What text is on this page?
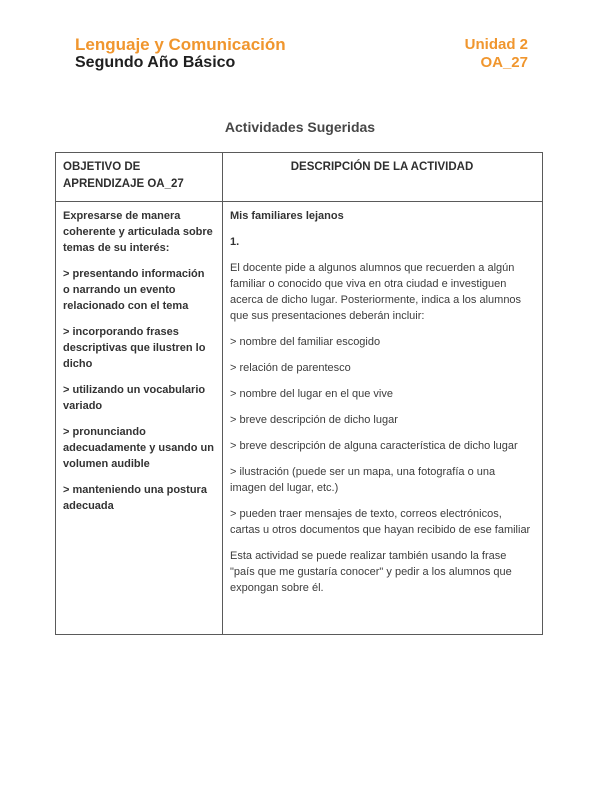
Lenguaje y Comunicación
Segundo Año Básico
Unidad 2
OA_27
Actividades Sugeridas
OBJETIVO DE APRENDIZAJE OA_27
DESCRIPCIÓN DE LA ACTIVIDAD

Expresarse de manera coherente y articulada sobre temas de su interés:

> presentando información o narrando un evento relacionado con el tema

> incorporando frases descriptivas que ilustren lo dicho

> utilizando un vocabulario variado

> pronunciando adecuadamente y usando un volumen audible

> manteniendo una postura adecuada

Mis familiares lejanos

1.

El docente pide a algunos alumnos que recuerden a algún familiar o conocido que viva en otra ciudad e investiguen acerca de dicho lugar. Posteriormente, indica a los alumnos que sus presentaciones deberán incluir:

> nombre del familiar escogido

> relación de parentesco

> nombre del lugar en el que vive

> breve descripción de dicho lugar

> breve descripción de alguna característica de dicho lugar

> ilustración (puede ser un mapa, una fotografía o una imagen del lugar, etc.)

> pueden traer mensajes de texto, correos electrónicos, cartas u otros documentos que hayan recibido de ese familiar

Esta actividad se puede realizar también usando la frase "país que me gustaría conocer" y pedir a los alumnos que expongan sobre él.
